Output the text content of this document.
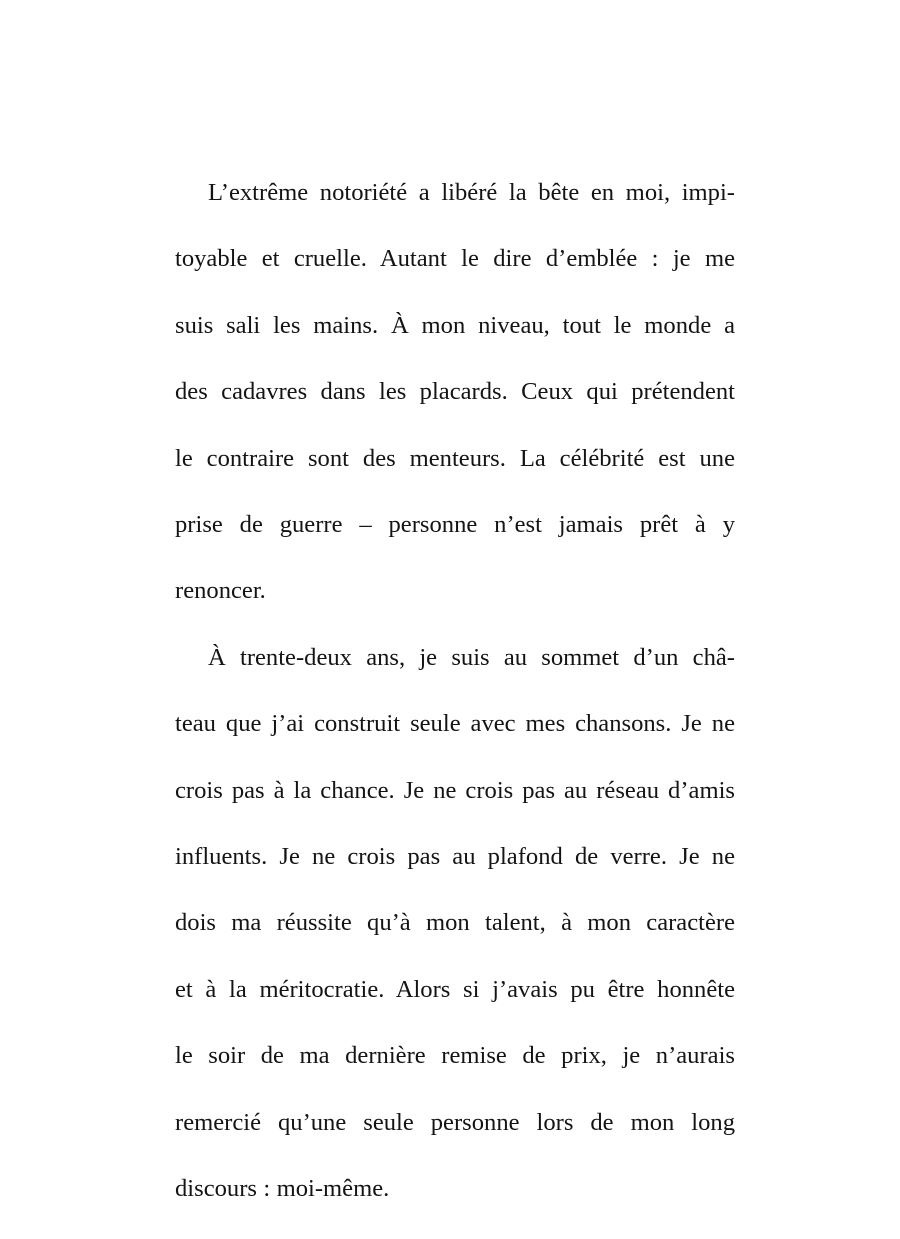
L’extrême notoriété a libéré la bête en moi, impi-
toyable et cruelle. Autant le dire d’emblée : je me
suis sali les mains. À mon niveau, tout le monde a
des cadavres dans les placards. Ceux qui prétendent
le contraire sont des menteurs. La célébrité est une
prise de guerre – personne n’est jamais prêt à y
renoncer.

À trente-deux ans, je suis au sommet d’un châ-
teau que j’ai construit seule avec mes chansons. Je ne
crois pas à la chance. Je ne crois pas au réseau d’amis
influents. Je ne crois pas au plafond de verre. Je ne
dois ma réussite qu’à mon talent, à mon caractère
et à la méritocratie. Alors si j’avais pu être honnête
le soir de ma dernière remise de prix, je n’aurais
remercié qu’une seule personne lors de mon long
discours : moi-même.
